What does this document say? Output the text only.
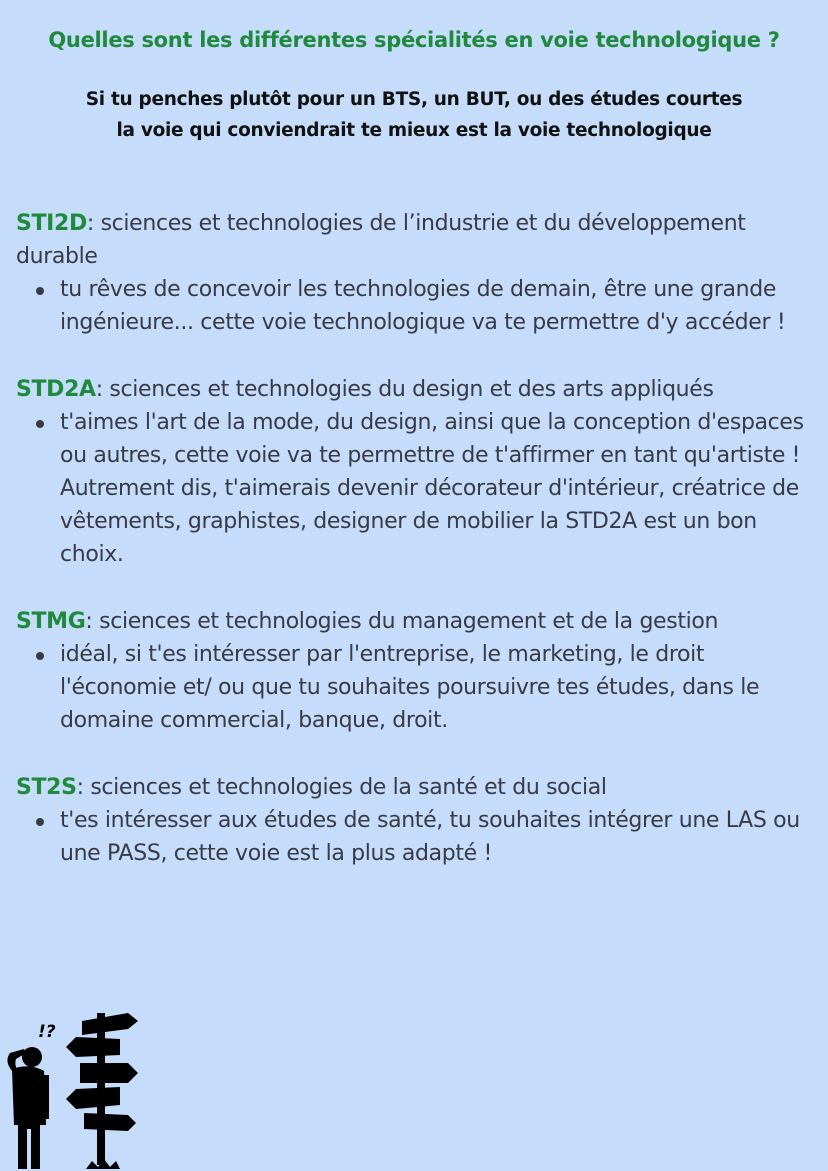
Quelles sont les différentes spécialités en voie technologique ?
Si tu penches plutôt pour un BTS, un BUT, ou des études courtes
la voie qui conviendrait te mieux est la voie technologique

STI2D: sciences et technologies de l’industrie et du développement durable

tu rêves de concevoir les technologies de demain, être une grande ingénieure... cette voie technologique va te permettre d'y accéder !

STD2A: sciences et technologies du design et des arts appliqués

t'aimes l'art de la mode, du design, ainsi que la conception d'espaces ou autres, cette voie va te permettre de t'affirmer en tant qu'artiste ! Autrement dis, t'aimerais devenir décorateur d'intérieur, créatrice de vêtements, graphistes, designer de mobilier la STD2A est un bon choix.

STMG: sciences et technologies du management et de la gestion

idéal, si t'es intéresser par l'entreprise, le marketing, le droit l'économie et/ ou que tu souhaites poursuivre tes études, dans le domaine commercial, banque, droit.

ST2S: sciences et technologies de la santé et du social

t'es intéresser aux études de santé, tu souhaites intégrer une LAS ou une PASS, cette voie est la plus adapté !
!?
